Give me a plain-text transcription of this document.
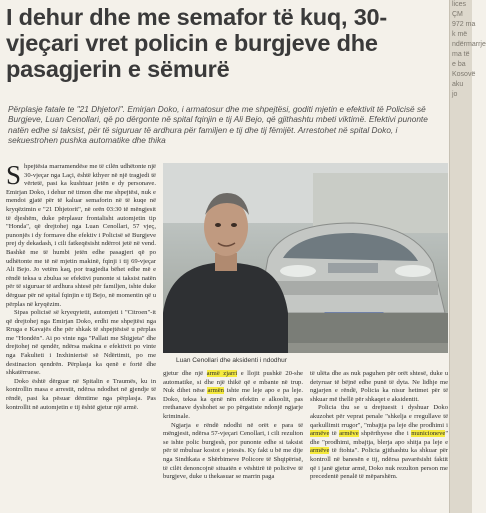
lices
ÇM
972 ma
k më
ndërmarrje
ma të
e ba
Kosovë
aku
jo
I dehur dhe me semafor të kuq, 30-vjeçari vret policin e burgjeve dhe pasagjerin e sëmurë

Përplasje fatale te "21 Dhjetori". Emirjan Doko, i armatosur dhe me shpejtësi, goditi mjetin e efektivit të Policisë së Burgjeve, Luan Cenollari, që po dërgonte në spital fqinjin e tij Ali Bejo, që gjithashtu mbeti viktimë. Efektivi punonte natën edhe si taksist, për të siguruar të ardhura për familjen e tij dhe tij fëmijët. Arrestohet në spital Doko, i sekuestrohen pushka automatike dhe thika

S hpejtësia marramendëse me të cilën udhëtonte një 30-vjeçar nga Laçi, është kthyer në një tragjedi të vërtetë, pasi ka kushtuar jetën e dy personave. Emirjan Doko, i dehur në timon dhe me shpejtësi, nuk e mendoi gjatë për të kaluar semaforin në të kuqe në kryqëzimin e "21 Dhjetorit", në orën 03:30 të mëngjesit të djeshëm, duke përplasur frontalisht automjetin tip "Honda", që drejtohej nga Luan Cenollari, 57 vjeç, punonjës i dy formave dhe efektiv i Policisë së Burgjeve prej dy dekadash, i cili fatkeqësisht ndërroi jetë në vend. Bashkë me të humbi jetën edhe pasagjeri që po udhëtonte me të në mjetin makinë, fqinji i tij 69-vjeçar Ali Bejo. Jo vetëm kaq, por tragjedia bëhet edhe më e rëndë teksa u zbulua se efektivi punonte si taksist natën për të siguruar të ardhura shtesë për familjen, ishte duke dërguar për në spital fqinjin e tij Bejo, në momentin që u përplas në kryqëzim.

Sipas policisë së kryeqytetit, automjeti i "Citroen"-it që drejtohej nga Emirjan Doko, erdhi me shpejtësi nga Rruga e Kavajës dhe për shkak të shpejtësisë u përplas me "Hondën". Ai po vinte nga "Pallati me Shigjeta" dhe drejtohej në qendër, ndërsa makina e efektivit po vinte nga Fakulteti i Inxhinierisë së Ndërtimit, po me destinacion qendrën. Përplasja ka qenë e fortë dhe shkatërruese.

Doko është dërguar në Spitalin e Traumës, ku in kontrollin masa e arrestit, ndërsa ndodhet në gjendje të rëndë, pasi ka pësuar dëmtime nga përplasja. Pas kontrollit në automjetin e tij është gjetur një armë.

Luan Cenollari dhe aksidenti i ndodhur

gjetur dhe një armë zjarri e llojit pushkë 20-she automatike, si dhe një thikë që e mbante në trup. Nuk dihet nëse armën ishte me leje apo e pa leje. Doko, teksa ka qenë nën efektin e alkoolit, pas rrethanave dyshohet se po përgatiste ndonjë ngjarje kriminale.

Ngjarja e rëndë ndodhi në orët e para të mëngjesit, ndërsa 57-vjeçari Cenollari, i cili rezulton se ishte polic burgjesh, por punonte edhe si taksist për të mbuluar kostot e jetesës. Ky fakt u bë me dije nga Sindikata e Shërbimeve Policore të Shqipërisë, të cilët denoncojnë situatën e vështirë të policëve të burgjeve, duke u thekasuar se marrin paga

të ulëta dhe as nuk paguhen për orët shtesë, duke u detyruar të bëjnë edhe punë të dyta. Ne lidhje me ngjarjen e rëndë, Policia ka nisur hetimet për të shkuar më thellë për shkaqet e aksidentit.

Policia thu se u drejtuesit i dyshuar Doko akuzohet për veprat penale "shkelja e rregullave të qarkullimit rrugor", "mbajtja pa leje dhe prodhimi i armëve të armëve shpërthyese dhe i municioneve" dhe "prodhimi, mbajtja, blerja apo shitja pa leje e armëve të ftohta". Policia gjithashtu ka shkuar për kontroll në banesën e tij, ndërsa pavarësisht faktit që i janë gjetur armë, Doko nuk rezulton person me precedentë penalë të mëparshëm.
